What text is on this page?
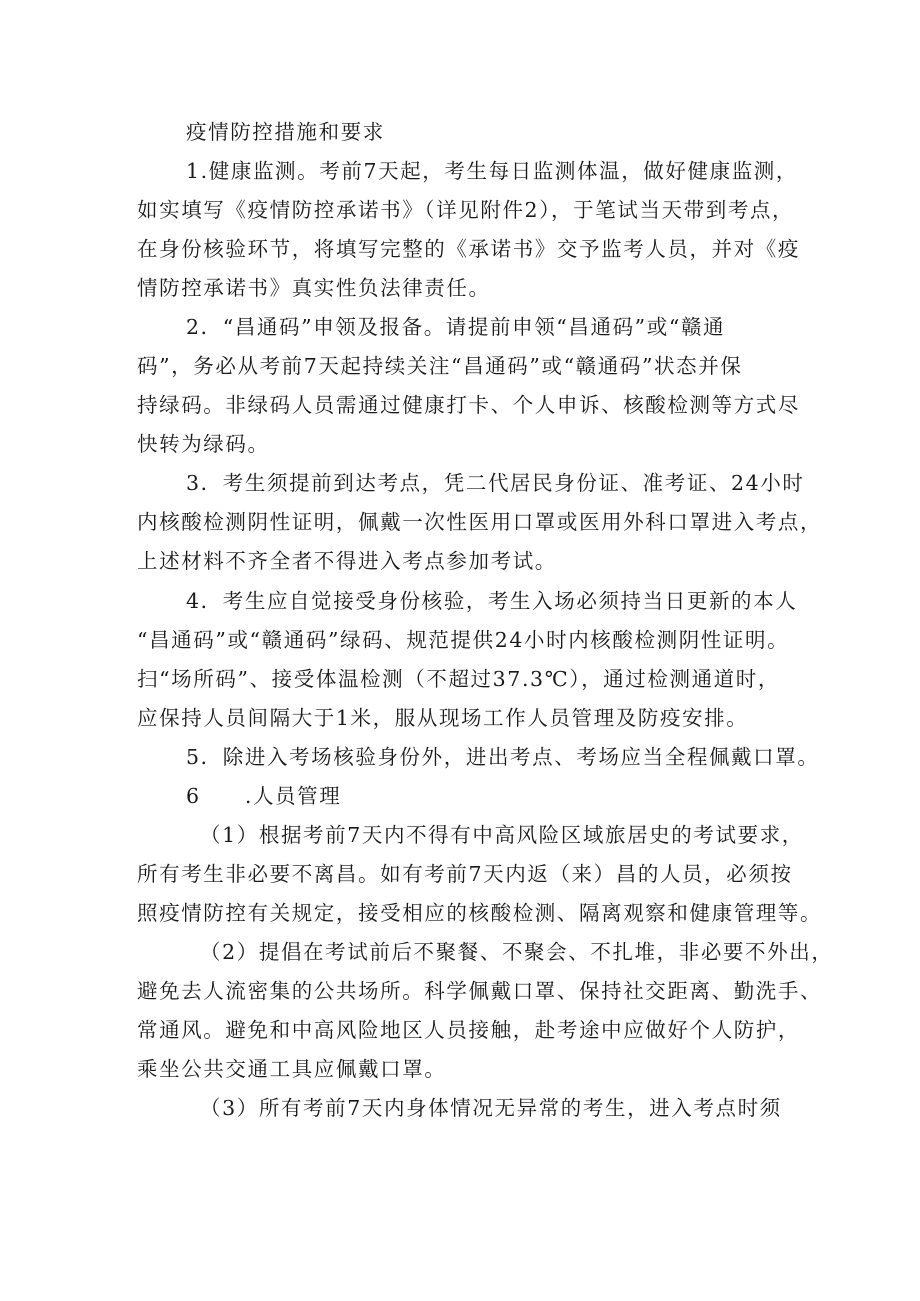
疫情防控措施和要求
1.健康监测。考前7天起，考生每日监测体温，做好健康监测，
如实填写《疫情防控承诺书》（详见附件2），于笔试当天带到考点，
在身份核验环节，将填写完整的《承诺书》交予监考人员，并对《疫
情防控承诺书》真实性负法律责任。
2．“昌通码”申领及报备。请提前申领“昌通码”或“赣通
码”，务必从考前7天起持续关注“昌通码”或“赣通码”状态并保
持绿码。非绿码人员需通过健康打卡、个人申诉、核酸检测等方式尽
快转为绿码。
3．考生须提前到达考点，凭二代居民身份证、准考证、24小时
内核酸检测阴性证明，佩戴一次性医用口罩或医用外科口罩进入考点，
上述材料不齐全者不得进入考点参加考试。
4．考生应自觉接受身份核验，考生入场必须持当日更新的本人
“昌通码”或“赣通码”绿码、规范提供24小时内核酸检测阴性证明。
扫“场所码”、接受体温检测（不超过37.3℃），通过检测通道时，
应保持人员间隔大于1米，服从现场工作人员管理及防疫安排。
5．除进入考场核验身份外，进出考点、考场应当全程佩戴口罩。
6　　.人员管理
（1）根据考前7天内不得有中高风险区域旅居史的考试要求，
所有考生非必要不离昌。如有考前7天内返（来）昌的人员，必须按
照疫情防控有关规定，接受相应的核酸检测、隔离观察和健康管理等。
（2）提倡在考试前后不聚餐、不聚会、不扎堆，非必要不外出，
避免去人流密集的公共场所。科学佩戴口罩、保持社交距离、勤洗手、
常通风。避免和中高风险地区人员接触，赴考途中应做好个人防护，
乘坐公共交通工具应佩戴口罩。
（3）所有考前7天内身体情况无异常的考生，进入考点时须
